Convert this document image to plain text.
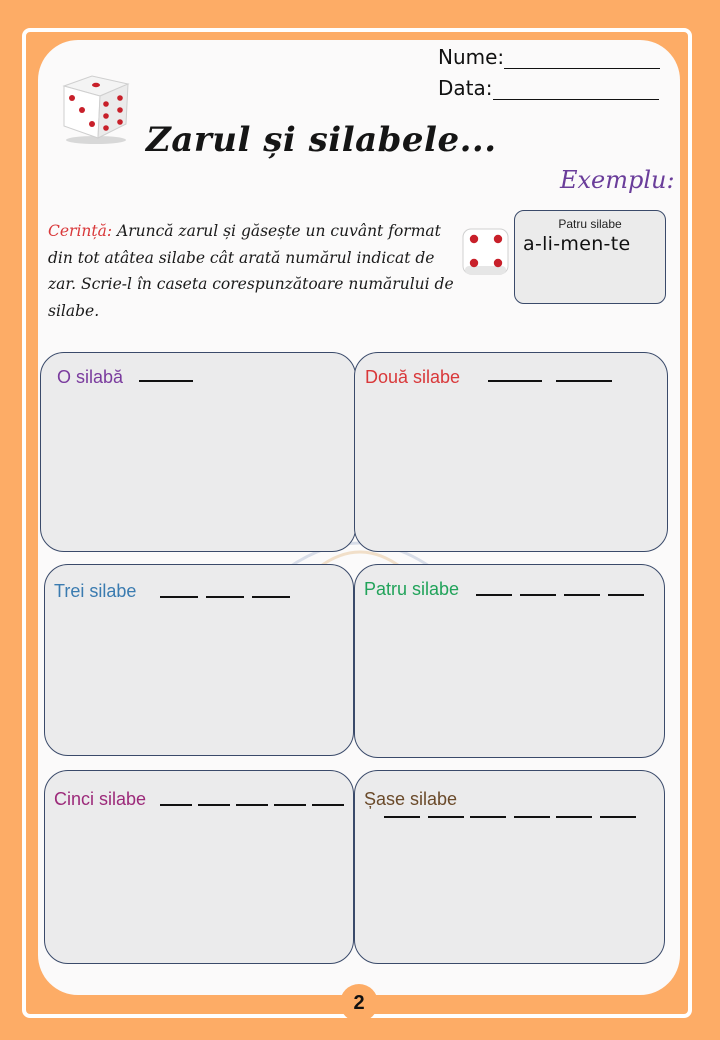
Nume:
Data:
Zarul și silabele...
Exemplu:
Cerință: Aruncă zarul și găsește un cuvânt format din tot atâtea silabe cât arată numărul indicat de zar. Scrie-l în caseta corespunzătoare numărului de silabe.
Patru silabe
a-li-men-te
O silabă	Două silabe
Trei silabe	Patru silabe
Cinci silabe	Șase silabe
2
